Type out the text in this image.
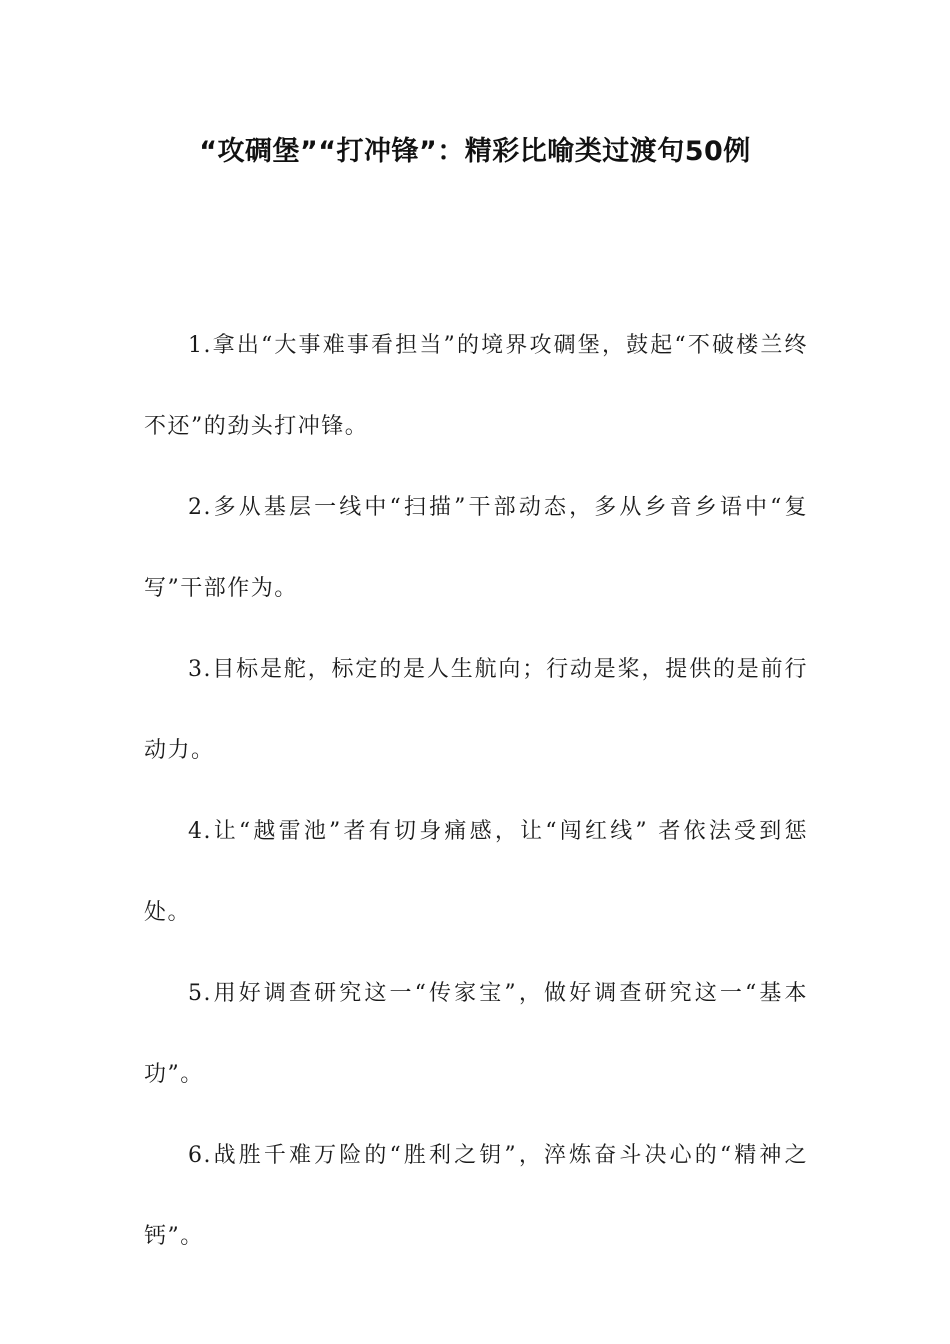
“攻碉堡”“打冲锋”：精彩比喻类过渡句50例

1.拿出“大事难事看担当”的境界攻碉堡，鼓起“不破楼兰终不还”的劲头打冲锋。

2.多从基层一线中“扫描”干部动态，多从乡音乡语中“复写”干部作为。

3.目标是舵，标定的是人生航向；行动是桨，提供的是前行动力。

4.让“越雷池”者有切身痛感，让“闯红线” 者依法受到惩处。

5.用好调查研究这一“传家宝”，做好调查研究这一“基本功”。

6.战胜千难万险的“胜利之钥”，淬炼奋斗决心的“精神之钙”。
